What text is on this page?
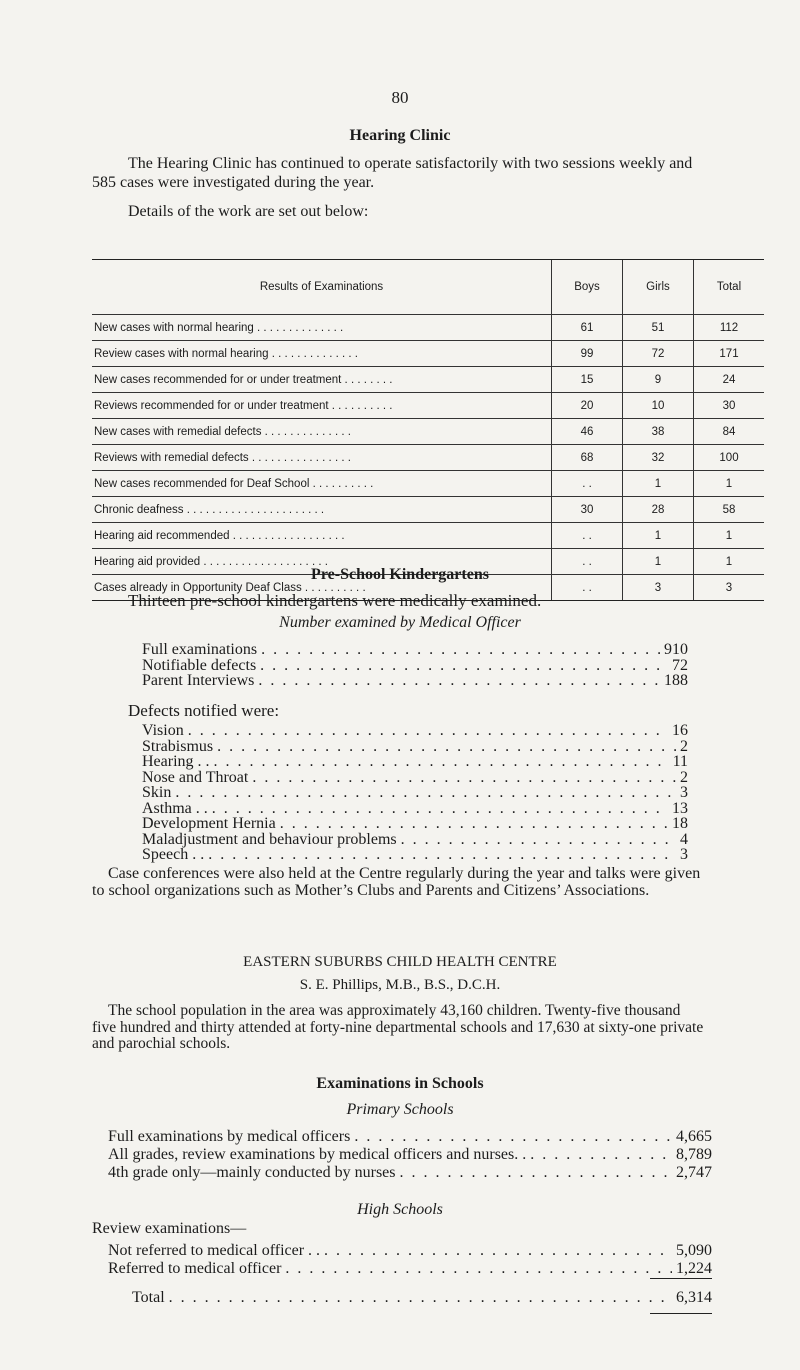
80
Hearing Clinic
The Hearing Clinic has continued to operate satisfactorily with two sessions weekly and
585 cases were investigated during the year.
Details of the work are set out below:
Results of Examinations	Boys	Girls	Total
New cases with normal hearing . . . . . . . . . . . . . .	61	51	112
Review cases with normal hearing . . . . . . . . . . . . . .	99	72	171
New cases recommended for or under treatment . . . . . . . .	15	9	24
Reviews recommended for or under treatment . . . . . . . . . .	20	10	30
New cases with remedial defects . . . . . . . . . . . . . .	46	38	84
Reviews with remedial defects . . . . . . . . . . . . . . . .	68	32	100
New cases recommended for Deaf School . . . . . . . . . .	. .	1	1
Chronic deafness . . . . . . . . . . . . . . . . . . . . . .	30	28	58
Hearing aid recommended . . . . . . . . . . . . . . . . . .	. .	1	1
Hearing aid provided . . . . . . . . . . . . . . . . . . . .	. .	1	1
Cases already in Opportunity Deaf Class . . . . . . . . . .	. .	3	3
Pre-School Kindergartens
Thirteen pre-school kindergartens were medically examined.
Number examined by Medical Officer
Full examinations . . .	910
Notifiable defects . . .	72
Parent Interviews . . .	188
Defects notified were:
Vision . . .	16
Strabismus . . .	2
Hearing . . . . .	11
Nose and Throat . . .	2
Skin . . .	3
Asthma . . . . .	13
Development Hernia . . .	18
Maladjustment and behaviour problems . . .	4
Speech . . . . .	3
Case conferences were also held at the Centre regularly during the year and talks were given
to school organizations such as Mother’s Clubs and Parents and Citizens’ Associations.
EASTERN SUBURBS CHILD HEALTH CENTRE
S. E. Phillips, M.B., B.S., D.C.H.
The school population in the area was approximately 43,160 children. Twenty-five thousand
five hundred and thirty attended at forty-nine departmental schools and 17,630 at sixty-one private
and parochial schools.
Examinations in Schools
Primary Schools
Full examinations by medical officers . . .	4,665
All grades, review examinations by medical officers and nurses. . . . .	8,789
4th grade only—mainly conducted by nurses . . .	2,747
High Schools
Review examinations—
Not referred to medical officer . . . . .	5,090
Referred to medical officer . . .	1,224
Total . . .	6,314
